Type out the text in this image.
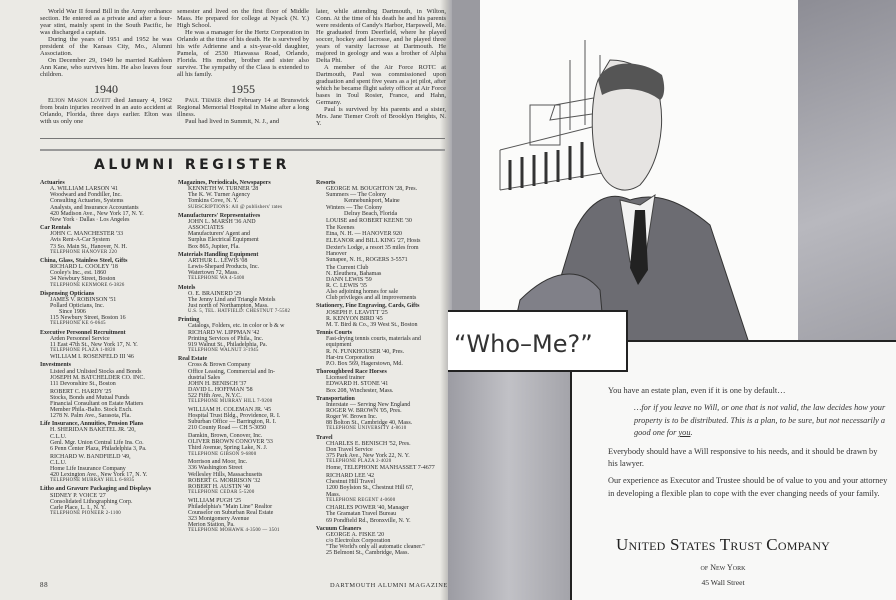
World War II found Bill in the Army ordnance section. He entered as a private and after a four-year stint, mainly spent in the South Pacific, he was discharged a captain.

During the years of 1951 and 1952 he was president of the Kansas City, Mo., Alumni Association.

On December 29, 1949 he married Kathleen Ann Kane, who survives him. He also leaves four children.

1940

Elton Mason Lovett died January 4, 1962 from brain injuries received in an auto accident at Orlando, Florida, three days earlier. Elton was with us only one

semester and lived on the first floor of Middle Mass. He prepared for college at Nyack (N. Y.) High School.

He was a manager for the Hertz Corporation in Orlando at the time of his death. He is survived by his wife Adrienne and a six-year-old daughter, Pamela, of 2530 Hiawassa Road, Orlando, Florida. His mother, brother and sister also survive. The sympathy of the Class is extended to all his family.

1955

Paul Tiemer died February 14 at Brunswick Regional Memorial Hospital in Maine after a long illness.

Paul had lived in Summit, N. J., and

later, while attending Dartmouth, in Wilton, Conn. At the time of his death he and his parents were residents of Candy's Harbor, Harpswell, Me. He graduated from Deerfield, where he played soccer, hockey and lacrosse, and he played three years of varsity lacrosse at Dartmouth. He majored in geology and was a brother of Alpha Delta Phi.

A member of the Air Force ROTC at Dartmouth, Paul was commissioned upon graduation and spent five years as a jet pilot, after which he became flight safety officer at Air Force bases in Toul Rosier, France, and Hahn, Germany.

Paul is survived by his parents and a sister, Mrs. Jane Tiemer Croft of Brooklyn Heights, N. Y.

ALUMNI REGISTER
Actuaries
A. WILLIAM LARSON '41
Woodward and Fondiller, Inc.
Consulting Actuaries, Systems
Analysts, and Insurance Accountants
420 Madison Ave., New York 17, N. Y.
New York · Dallas · Los Angeles
Car Rentals
JOHN C. MANCHESTER '33
Avis Rent-A-Car System
73 So. Main St., Hanover, N. H.
TELEPHONE HANOVER 220
China, Glass, Stainless Steel, Gifts
RICHARD L. COOLEY '18
Cooley's Inc., est. 1860
34 Newbury Street, Boston
TELEPHONE KENMORE 6-3826
Dispensing Opticians
JAMES V. ROBINSON '51
Pollard Opticians, Inc.
Since 1906
115 Newbury Street, Boston 16
TELEPHONE KE 6-0645
Executive Personnel Recruitment
Arden Personnel Service
11 East 47th St., New York 17, N. Y.
TELEPHONE PLAZA 1-0820
WILLIAM I. ROSENFELD III '46
Investments
Listed and Unlisted Stocks and Bonds
JOSEPH M. BATCHELDER CO. INC.
111 Devonshire St., Boston
ROBERT C. HARDY '25
Stocks, Bonds and Mutual Funds
Financial Consultant on Estate Matters
Member Phila.-Balto. Stock Exch.
1278 N. Palm Ave., Sarasota, Fla.
Life Insurance, Annuities, Pension Plans
H. SHERIDAN BAKETEL JR. '20,
C.L.U.
Genl. Mgr. Union Central Life Ins. Co.
6 Penn Center Plaza, Philadelphia 3, Pa.
RICHARD W. BANDFIELD '49,
C.L.U.
Home Life Insurance Company
420 Lexington Ave., New York 17, N. Y.
TELEPHONE MURRAY HILL 6-6835
Litho and Gravure Packaging and Displays
SIDNEY P. VOICE '27
Consolidated Lithographing Corp.
Carle Place, L. I., N. Y.
TELEPHONE PIONEER 2-1100
Magazines, Periodicals, Newspapers
KENNETH W. TURNER '28
The K. W. Turner Agency
Tomkins Cove, N. Y.
SUBSCRIPTIONS: All @ publishers' rates
Manufacturers' Representatives
JOHN L. MARSH '36 AND
ASSOCIATES
Manufacturers' Agent and
Surplus Electrical Equipment
Box 865, Jupiter, Fla.
Materials Handling Equipment
ARTHUR L. LEWIS '08
Lewis-Shepard Products, Inc.
Watertown 72, Mass.
TELEPHONE WA 4-5400
Motels
O. E. BRAINERD '29
The Jenny Lind and Triangle Motels
Just north of Northampton, Mass.
U.S. 5, TEL. HATFIELD: CHESTNUT 7-5502
Printing
Catalogs, Folders, etc. in color or b & w
RICHARD W. LIPPMAN '42
Printing Services of Phila., Inc.
919 Walnut St., Philadelphia, Pa.
TELEPHONE WALNUT 3-1945
Real Estate
Cross & Brown Company
Office Leasing, Commercial and In-
dustrial Sales
JOHN H. BENISCH '37
DAVID L. HOFFMAN '58
522 Fifth Ave., N.Y.C.
TELEPHONE MURRAY HILL 7-9200
WILLIAM H. COLEMAN JR. '45
Hospital Trust Bldg., Providence, R. I.
Suburban Office — Barrington, R. I.
210 County Road — CH 5-3050
Damkin, Brown, Conover, Inc.
OLIVER BROWN CONOVER '33
Third Avenue, Spring Lake, N. J.
TELEPHONE GIBSON 9-6800
Morrison and Moor, Inc.
336 Washington Street
Wellesley Hills, Massachusetts
ROBERT G. MORRISON '32
ROBERT H. AUSTIN '40
TELEPHONE CEDAR 5-5200
WILLIAM PUGH '25
Philadelphia's "Main Line" Realtor
Counselor on Suburban Real Estate
323 Montgomery Avenue
Merion Station, Pa.
TELEPHONE MOHAWK 4-3500 — 3501
Resorts
GEORGE M. BOUGHTON '28, Pres.
Summers — The Colony
Kennebunkport, Maine
Winters — The Colony
Delray Beach, Florida
LOUISE and ROBERT KEENE '30
The Keenes
Etna, N. H. — HANOVER 920
ELEANOR and BILL KING '27, Hosts
Dexter's Lodge, a resort 35 miles from
Hanover
Sunapee, N. H., ROGERS 3-5571
The Current Club
N. Eleuthera, Bahamas
DANN LEWIS '59
R. C. LEWIS '35
Also adjoining homes for sale
Club privileges and all improvements
Stationery, Fine Engraving, Cards, Gifts
JOSEPH F. LEAVITT '25
R. KENYON BIRD '45
M. T. Bird & Co., 39 West St., Boston
Tennis Courts
Fast-drying tennis courts, materials and
equipment
R. N. FUNKHOUSER '40, Pres.
Har-tru Corporation
P.O. Box 569, Hagerstown, Md.
Thoroughbred Race Horses
Licensed trainer
EDWARD H. STONE '41
Box 208, Winchester, Mass.
Transportation
Interstate — Serving New England
ROGER W. BROWN '05, Pres.
Roger W. Brown Inc.
88 Bolton St., Cambridge 40, Mass.
TELEPHONE UNIVERSITY 4-8610
Travel
CHARLES E. BENISCH '52, Pres.
Don Travel Service
375 Park Ave., New York 22, N. Y.
TELEPHONE PLAZA 2-4020
Home, TELEPHONE MANHASSET 7-4677
RICHARD LEE '42
Chestnut Hill Travel
1200 Boylston St., Chestnut Hill 67,
Mass.
TELEPHONE REGENT 4-0600
CHARLES POWER '40, Manager
The Gramatan Travel Bureau
69 Pondfield Rd., Bronxville, N. Y.
Vacuum Cleaners
GEORGE A. FISKE '20
c/o Electrolux Corporation
"The World's only all automatic cleaner."
25 Belmont St., Cambridge, Mass.
88	DARTMOUTH ALUMNI MAGAZINE
“Who–Me?”

You have an estate plan, even if it is one by default…

…for if you leave no Will, or one that is not valid, the law decides how your property is to be distributed. This is a plan, to be sure, but not necessarily a good one for you.

Everybody should have a Will responsive to his needs, and it should be drawn by his lawyer.

Our experience as Executor and Trustee should be of value to you and your attorney in developing a flexible plan to cope with the ever changing needs of your family.

United States Trust Company
of New York
45 Wall Street
